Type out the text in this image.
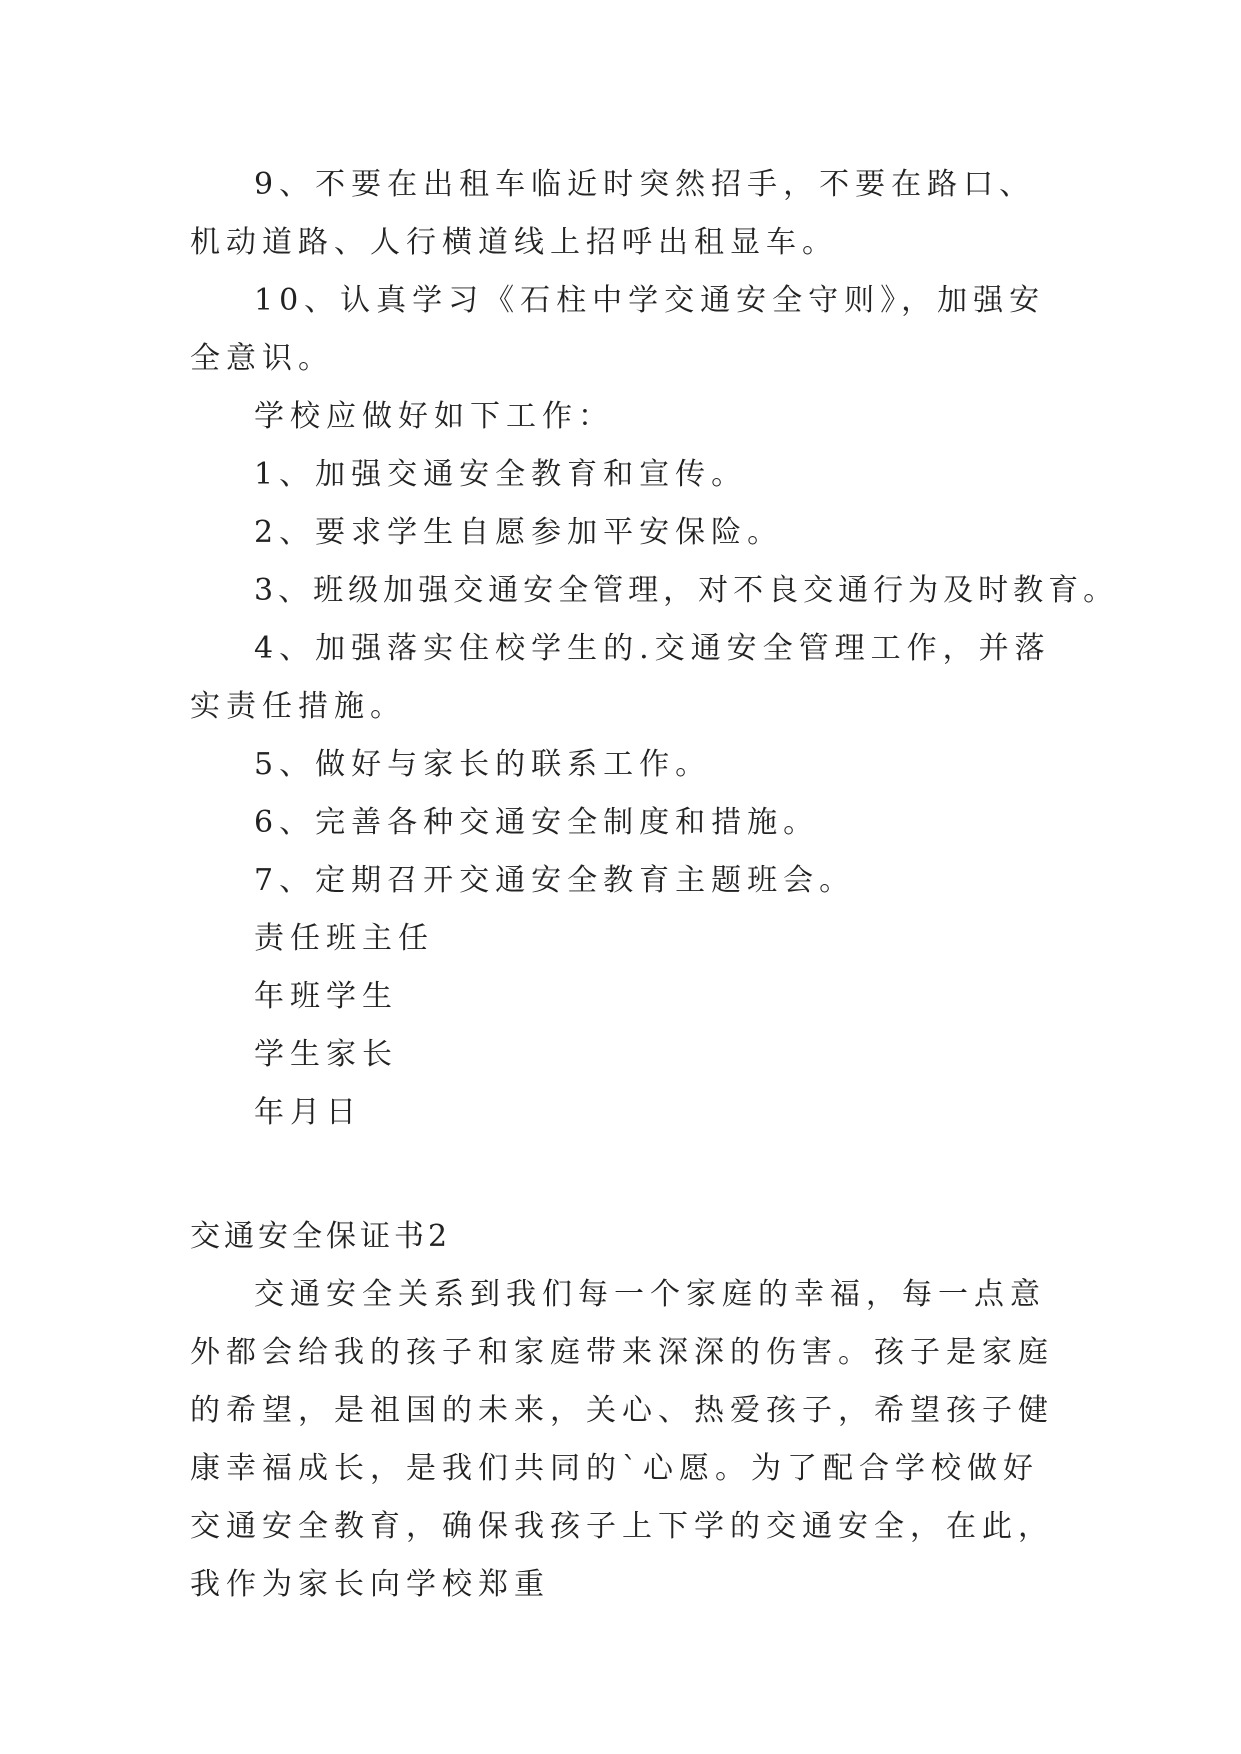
9、不要在出租车临近时突然招手，不要在路口、机动道路、人行横道线上招呼出租显车。

10、认真学习《石柱中学交通安全守则》，加强安全意识。

学校应做好如下工作：

1、加强交通安全教育和宣传。

2、要求学生自愿参加平安保险。

3、班级加强交通安全管理，对不良交通行为及时教育。

4、加强落实住校学生的.交通安全管理工作，并落实责任措施。

5、做好与家长的联系工作。

6、完善各种交通安全制度和措施。

7、定期召开交通安全教育主题班会。

责任班主任

年班学生

学生家长

年月日

交通安全保证书2

交通安全关系到我们每一个家庭的幸福，每一点意外都会给我的孩子和家庭带来深深的伤害。孩子是家庭的希望，是祖国的未来，关心、热爱孩子，希望孩子健康幸福成长，是我们共同的`心愿。为了配合学校做好交通安全教育，确保我孩子上下学的交通安全，在此，我作为家长向学校郑重
